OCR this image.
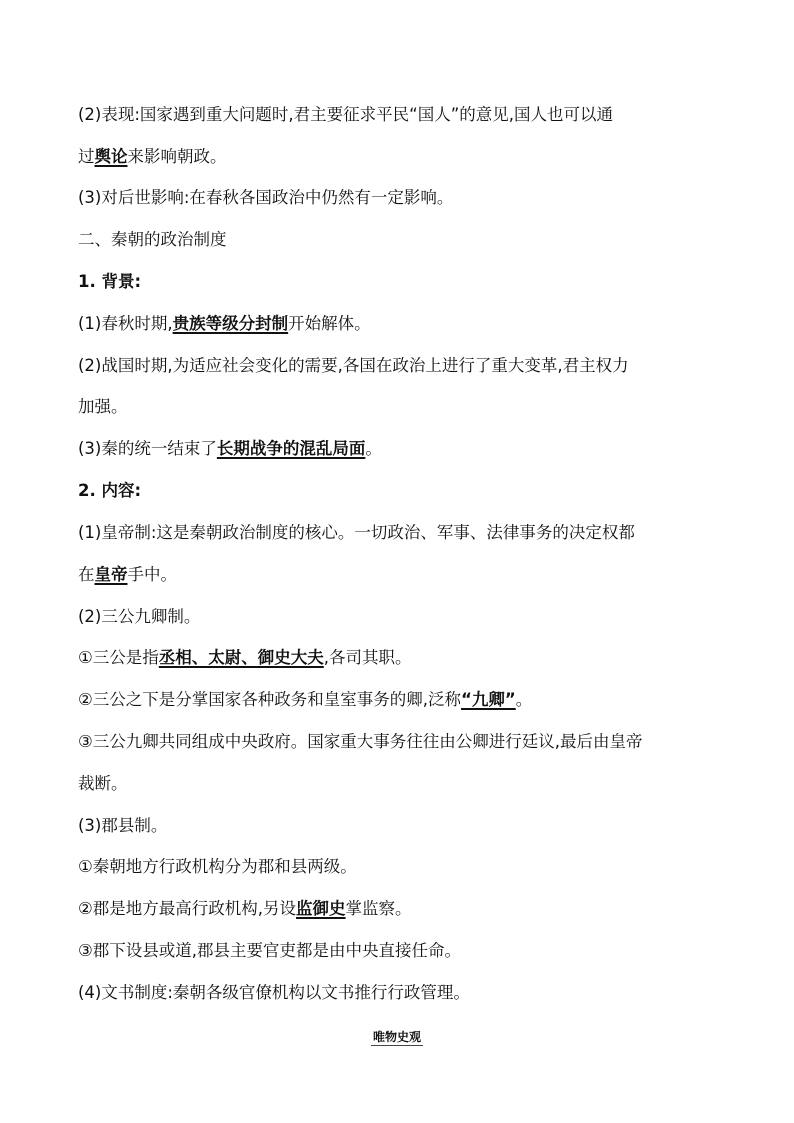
(2)表现:国家遇到重大问题时,君主要征求平民“国人”的意见,国人也可以通
过舆论来影响朝政。
(3)对后世影响:在春秋各国政治中仍然有一定影响。
二、秦朝的政治制度
1. 背景:
(1)春秋时期,贵族等级分封制开始解体。
(2)战国时期,为适应社会变化的需要,各国在政治上进行了重大变革,君主权力
加强。
(3)秦的统一结束了长期战争的混乱局面。
2. 内容:
(1)皇帝制:这是秦朝政治制度的核心。一切政治、军事、法律事务的决定权都
在皇帝手中。
(2)三公九卿制。
①三公是指丞相、太尉、御史大夫,各司其职。
②三公之下是分掌国家各种政务和皇室事务的卿,泛称“九卿”。
③三公九卿共同组成中央政府。国家重大事务往往由公卿进行廷议,最后由皇帝
裁断。
(3)郡县制。
①秦朝地方行政机构分为郡和县两级。
②郡是地方最高行政机构,另设监御史掌监察。
③郡下设县或道,郡县主要官吏都是由中央直接任命。
(4)文书制度:秦朝各级官僚机构以文书推行行政管理。
唯物史观
